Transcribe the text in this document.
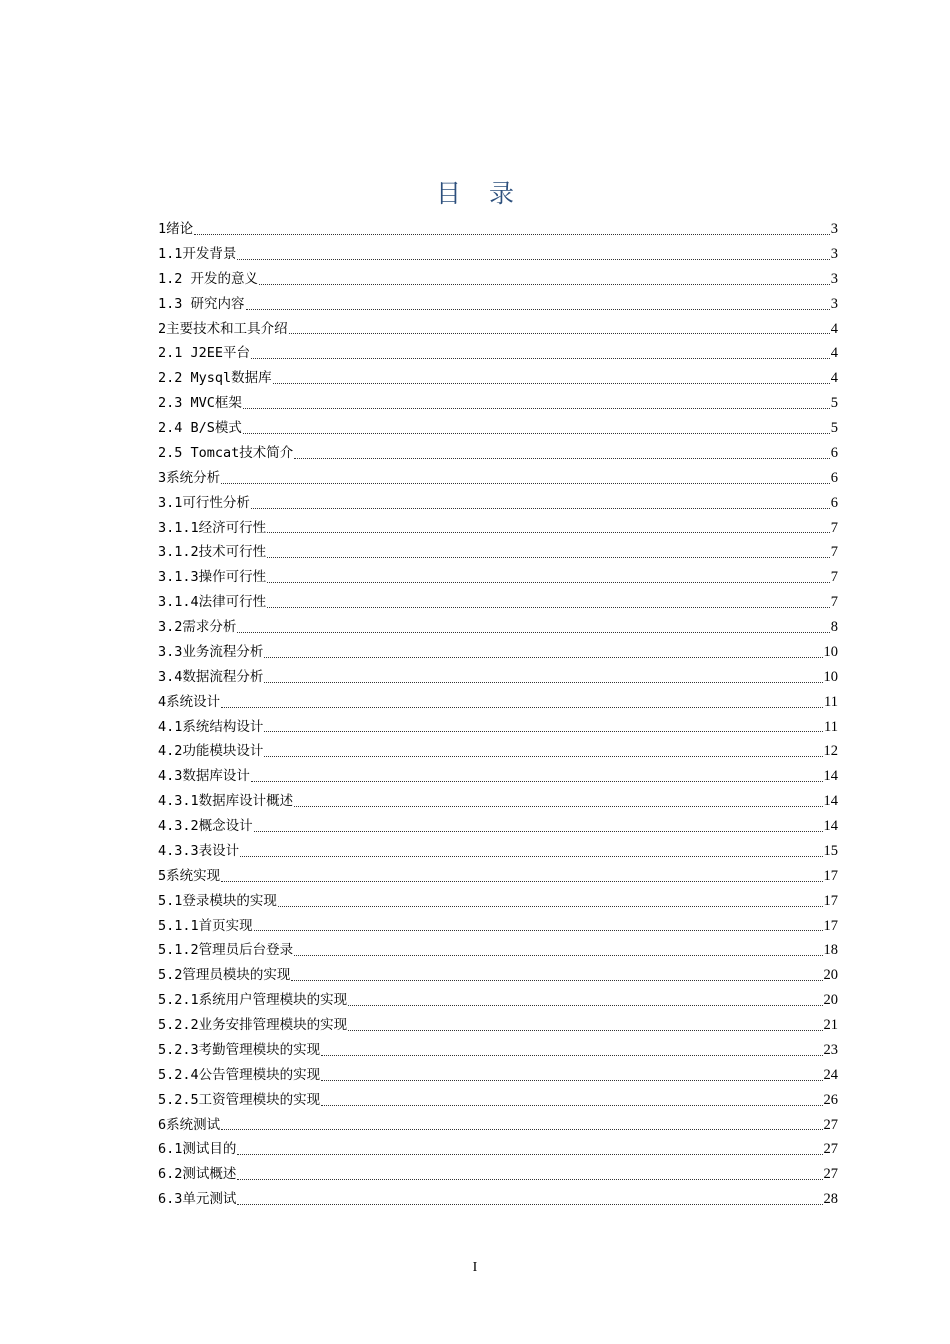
目 录
1绪论	3
1.1开发背景	3
1.2 开发的意义	3
1.3 研究内容	3
2主要技术和工具介绍	4
2.1 J2EE平台	4
2.2 Mysql数据库	4
2.3 MVC框架	5
2.4 B/S模式	5
2.5 Tomcat技术简介	6
3系统分析	6
3.1可行性分析	6
3.1.1经济可行性	7
3.1.2技术可行性	7
3.1.3操作可行性	7
3.1.4法律可行性	7
3.2需求分析	8
3.3业务流程分析	10
3.4数据流程分析	10
4系统设计	11
4.1系统结构设计	11
4.2功能模块设计	12
4.3数据库设计	14
4.3.1数据库设计概述	14
4.3.2概念设计	14
4.3.3表设计	15
5系统实现	17
5.1登录模块的实现	17
5.1.1首页实现	17
5.1.2管理员后台登录	18
5.2管理员模块的实现	20
5.2.1系统用户管理模块的实现	20
5.2.2业务安排管理模块的实现	21
5.2.3考勤管理模块的实现	23
5.2.4公告管理模块的实现	24
5.2.5工资管理模块的实现	26
6系统测试	27
6.1测试目的	27
6.2测试概述	27
6.3单元测试	28
I
